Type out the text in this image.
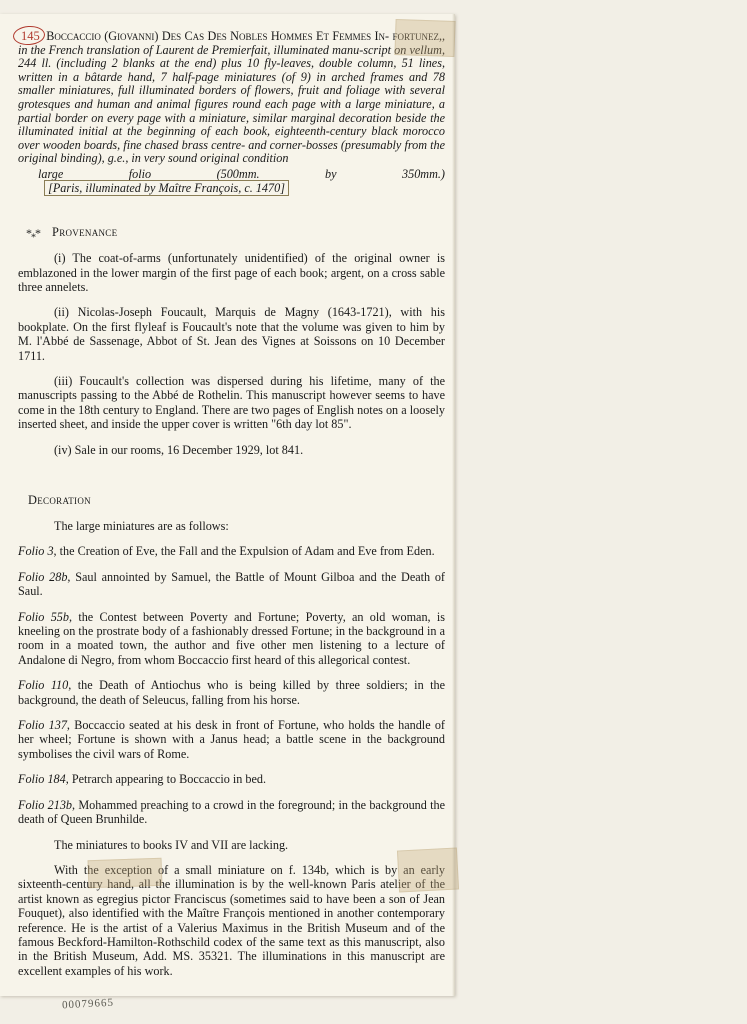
145 Boccaccio (Giovanni) Des Cas Des Nobles Hommes Et Femmes In- fortunez,, in the French translation of Laurent de Premierfait, illuminated manu-script on vellum, 244 ll. (including 2 blanks at the end) plus 10 fly-leaves, double column, 51 lines, written in a bâtarde hand, 7 half-page miniatures (of 9) in arched frames and 78 smaller miniatures, full illuminated borders of flowers, fruit and foliage with several grotesques and human and animal figures round each page with a large miniature, a partial border on every page with a miniature, similar marginal decoration beside the illuminated initial at the beginning of each book, eighteenth-century black morocco over wooden boards, fine chased brass centre- and corner-bosses (presumably from the original binding), g.e., in very sound original condition
large folio (500mm. by 350mm.)   [Paris, illuminated by Maître François, c. 1470]
$*_**$ Provenance

(i) The coat-of-arms (unfortunately unidentified) of the original owner is emblazoned in the lower margin of the first page of each book; argent, on a cross sable three annelets.

(ii) Nicolas-Joseph Foucault, Marquis de Magny (1643-1721), with his bookplate. On the first flyleaf is Foucault's note that the volume was given to him by M. l'Abbé de Sassenage, Abbot of St. Jean des Vignes at Soissons on 10 December 1711.

(iii) Foucault's collection was dispersed during his lifetime, many of the manuscripts passing to the Abbé de Rothelin. This manuscript however seems to have come in the 18th century to England. There are two pages of English notes on a loosely inserted sheet, and inside the upper cover is written "6th day lot 85".

(iv) Sale in our rooms, 16 December 1929, lot 841.

Decoration

The large miniatures are as follows:

Folio 3, the Creation of Eve, the Fall and the Expulsion of Adam and Eve from Eden.

Folio 28b, Saul annointed by Samuel, the Battle of Mount Gilboa and the Death of Saul.

Folio 55b, the Contest between Poverty and Fortune; Poverty, an old woman, is kneeling on the prostrate body of a fashionably dressed Fortune; in the background in a room in a moated town, the author and five other men listening to a lecture of Andalone di Negro, from whom Boccaccio first heard of this allegorical contest.

Folio 110, the Death of Antiochus who is being killed by three soldiers; in the background, the death of Seleucus, falling from his horse.

Folio 137, Boccaccio seated at his desk in front of Fortune, who holds the handle of her wheel; Fortune is shown with a Janus head; a battle scene in the background symbolises the civil wars of Rome.

Folio 184, Petrarch appearing to Boccaccio in bed.

Folio 213b, Mohammed preaching to a crowd in the foreground; in the background the death of Queen Brunhilde.

The miniatures to books IV and VII are lacking.

With the exception of a small miniature on f. 134b, which is by an early sixteenth-century hand, all the illumination is by the well-known Paris atelier of the artist known as egregius pictor Franciscus (sometimes said to have been a son of Jean Fouquet), also identified with the Maître François mentioned in another contemporary reference. He is the artist of a Valerius Maximus in the British Museum and of the famous Beckford-Hamilton-Rothschild codex of the same text as this manuscript, also in the British Museum, Add. MS. 35321. The illuminations in this manuscript are excellent examples of his work.

00079665
